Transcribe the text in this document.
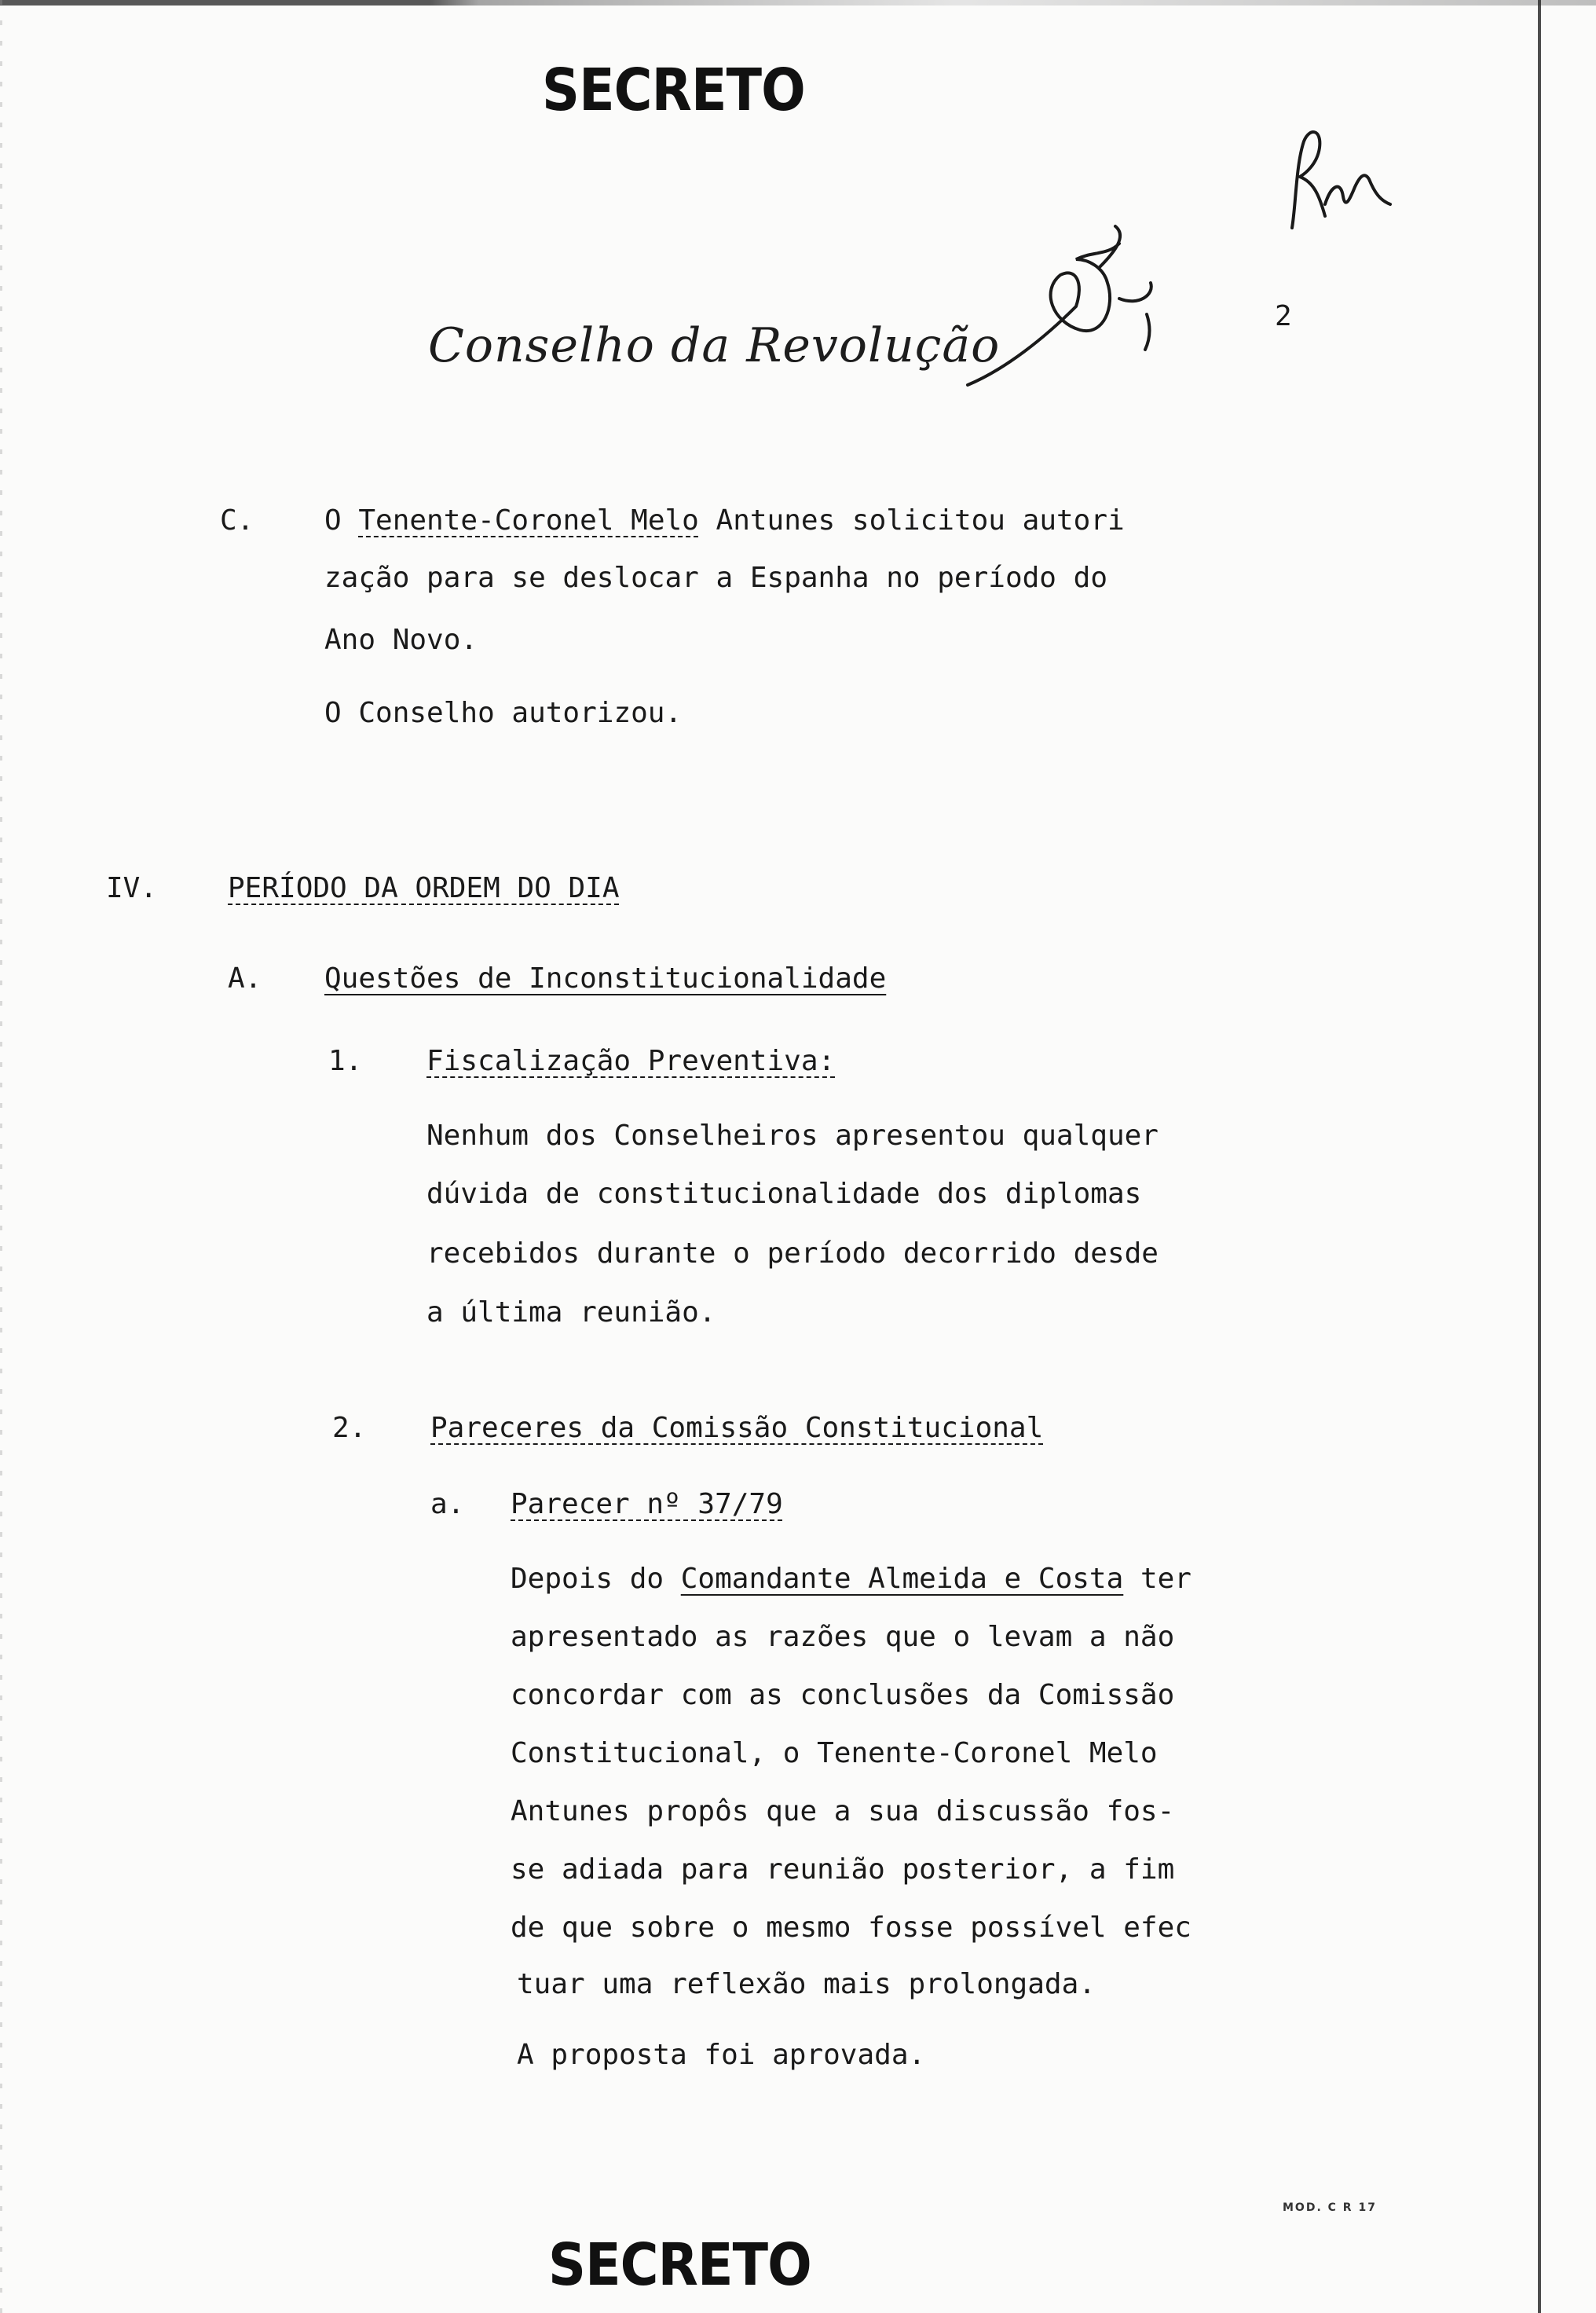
SECRETO
Conselho da Revolução
2
C. O Tenente-Coronel Melo Antunes solicitou autori
zação para se deslocar a Espanha no período do
Ano Novo.
O Conselho autorizou.
IV. PERÍODO DA ORDEM DO DIA
A. Questões de Inconstitucionalidade
1. Fiscalização Preventiva:
Nenhum dos Conselheiros apresentou qualquer
dúvida de constitucionalidade dos diplomas
recebidos durante o período decorrido desde
a última reunião.
2. Pareceres da Comissão Constitucional
a. Parecer nº 37/79
Depois do Comandante Almeida e Costa ter
apresentado as razões que o levam a não
concordar com as conclusões da Comissão
Constitucional, o Tenente-Coronel Melo
Antunes propôs que a sua discussão fos-
se adiada para reunião posterior, a fim
de que sobre o mesmo fosse possível efec
tuar uma reflexão mais prolongada.
A proposta foi aprovada.
MOD. C R 17
SECRETO
